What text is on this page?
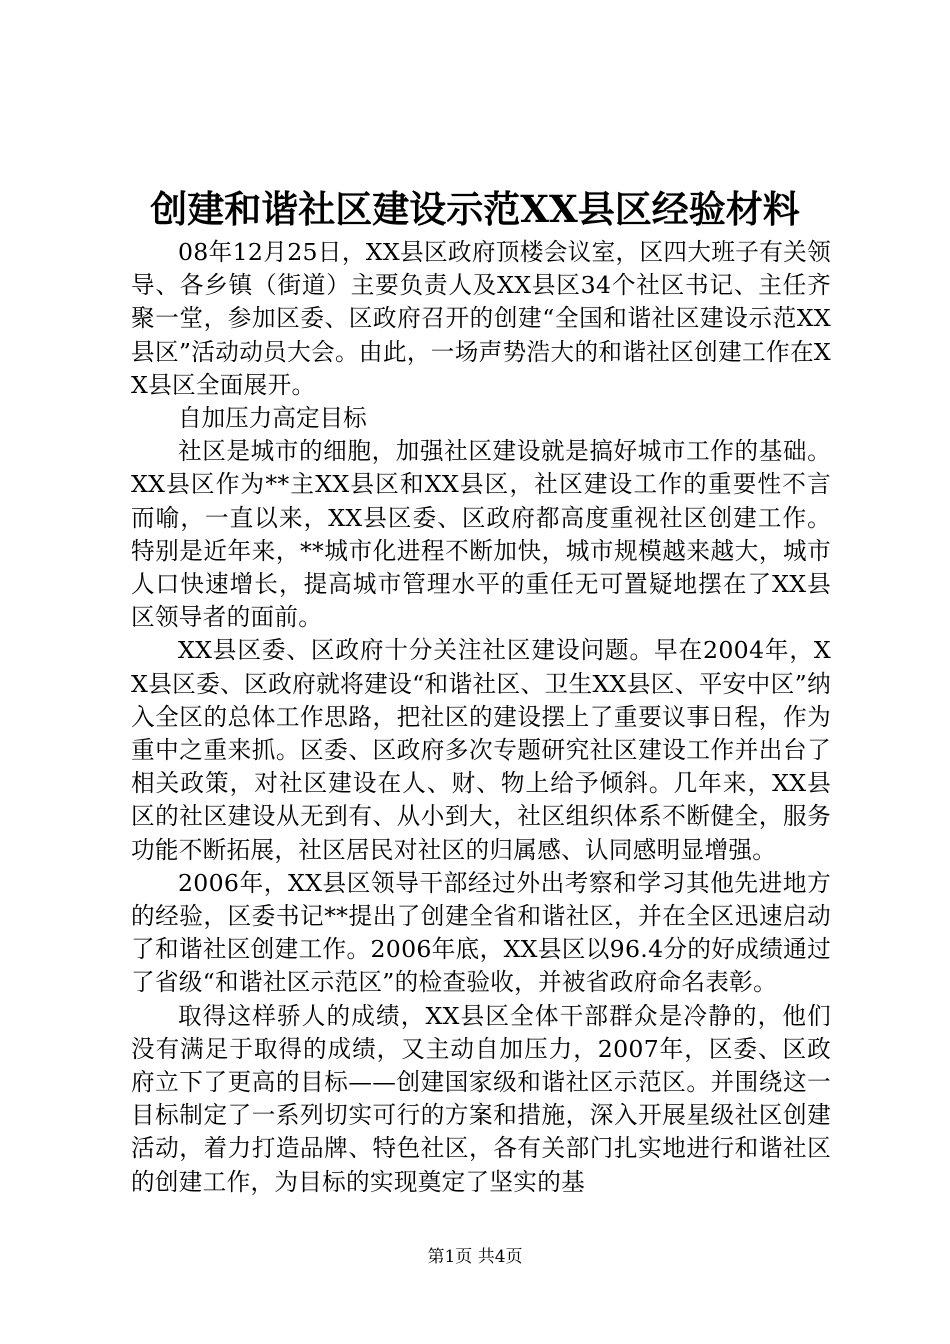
创建和谐社区建设示范XX县区经验材料

08年12月25日，XX县区政府顶楼会议室，区四大班子有关领导、各乡镇（街道）主要负责人及XX县区34个社区书记、主任齐聚一堂，参加区委、区政府召开的创建“全国和谐社区建设示范XX县区”活动动员大会。由此，一场声势浩大的和谐社区创建工作在XX县区全面展开。

自加压力高定目标

社区是城市的细胞，加强社区建设就是搞好城市工作的基础。XX县区作为**主XX县区和XX县区，社区建设工作的重要性不言而喻，一直以来，XX县区委、区政府都高度重视社区创建工作。特别是近年来，**城市化进程不断加快，城市规模越来越大，城市人口快速增长，提高城市管理水平的重任无可置疑地摆在了XX县区领导者的面前。

XX县区委、区政府十分关注社区建设问题。早在2004年，XX县区委、区政府就将建设“和谐社区、卫生XX县区、平安中区”纳入全区的总体工作思路，把社区的建设摆上了重要议事日程，作为重中之重来抓。区委、区政府多次专题研究社区建设工作并出台了相关政策，对社区建设在人、财、物上给予倾斜。几年来，XX县区的社区建设从无到有、从小到大，社区组织体系不断健全，服务功能不断拓展，社区居民对社区的归属感、认同感明显增强。

2006年，XX县区领导干部经过外出考察和学习其他先进地方的经验，区委书记**提出了创建全省和谐社区，并在全区迅速启动了和谐社区创建工作。2006年底，XX县区以96.4分的好成绩通过了省级“和谐社区示范区”的检查验收，并被省政府命名表彰。

取得这样骄人的成绩，XX县区全体干部群众是冷静的，他们没有满足于取得的成绩，又主动自加压力，2007年，区委、区政府立下了更高的目标——创建国家级和谐社区示范区。并围绕这一目标制定了一系列切实可行的方案和措施，深入开展星级社区创建活动，着力打造品牌、特色社区，各有关部门扎实地进行和谐社区的创建工作，为目标的实现奠定了坚实的基

第1页 共4页
